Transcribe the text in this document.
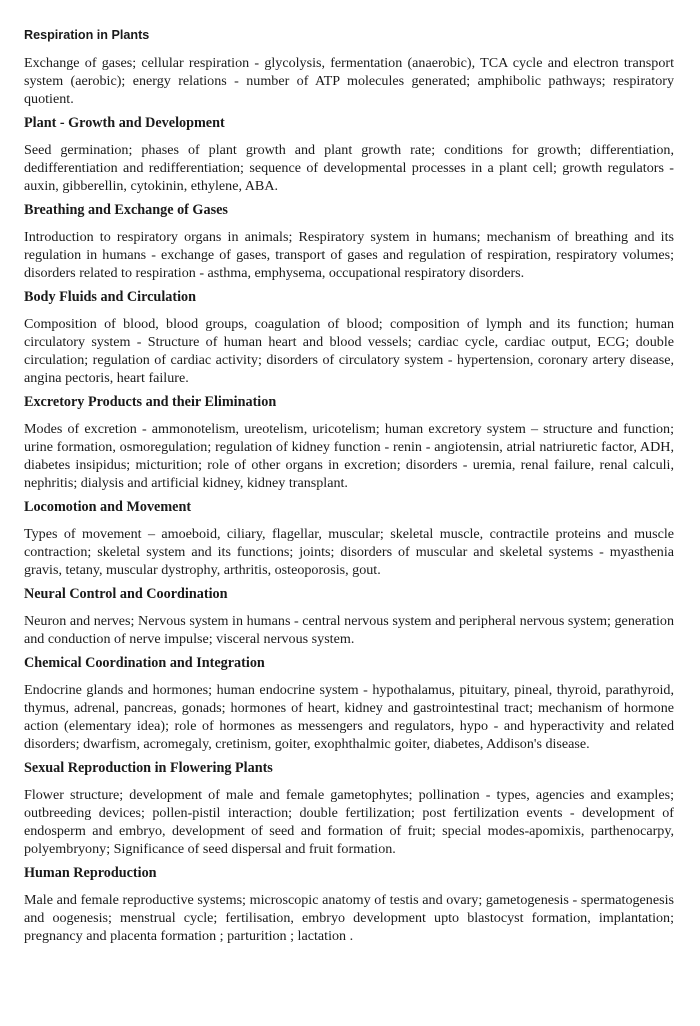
Respiration in Plants

Exchange of gases; cellular respiration - glycolysis, fermentation (anaerobic), TCA cycle and electron transport system (aerobic); energy relations - number of ATP molecules generated; amphibolic pathways; respiratory quotient.

Plant - Growth and Development

Seed germination; phases of plant growth and plant growth rate; conditions for growth; differentiation, dedifferentiation and redifferentiation; sequence of developmental processes in a plant cell; growth regulators - auxin, gibberellin, cytokinin, ethylene, ABA.

Breathing and Exchange of Gases

Introduction to respiratory organs in animals; Respiratory system in humans; mechanism of breathing and its regulation in humans - exchange of gases, transport of gases and regulation of respiration, respiratory volumes; disorders related to respiration - asthma, emphysema, occupational respiratory disorders.

Body Fluids and Circulation

Composition of blood, blood groups, coagulation of blood; composition of lymph and its function; human circulatory system - Structure of human heart and blood vessels; cardiac cycle, cardiac output, ECG; double circulation; regulation of cardiac activity; disorders of circulatory system - hypertension, coronary artery disease, angina pectoris, heart failure.

Excretory Products and their Elimination

Modes of excretion - ammonotelism, ureotelism, uricotelism; human excretory system – structure and function; urine formation, osmoregulation; regulation of kidney function - renin - angiotensin, atrial natriuretic factor, ADH, diabetes insipidus; micturition; role of other organs in excretion; disorders - uremia, renal failure, renal calculi, nephritis; dialysis and artificial kidney, kidney transplant.

Locomotion and Movement

Types of movement – amoeboid, ciliary, flagellar, muscular; skeletal muscle, contractile proteins and muscle contraction; skeletal system and its functions; joints; disorders of muscular and skeletal systems - myasthenia gravis, tetany, muscular dystrophy, arthritis, osteoporosis, gout.

Neural Control and Coordination

Neuron and nerves; Nervous system in humans - central nervous system and peripheral nervous system; generation and conduction of nerve impulse; visceral nervous system.

Chemical Coordination and Integration

Endocrine glands and hormones; human endocrine system - hypothalamus, pituitary, pineal, thyroid, parathyroid, thymus, adrenal, pancreas, gonads; hormones of heart, kidney and gastrointestinal tract; mechanism of hormone action (elementary idea); role of hormones as messengers and regulators, hypo - and hyperactivity and related disorders; dwarfism, acromegaly, cretinism, goiter, exophthalmic goiter, diabetes, Addison's disease.

Sexual Reproduction in Flowering Plants

Flower structure; development of male and female gametophytes; pollination - types, agencies and examples; outbreeding devices; pollen-pistil interaction; double fertilization; post fertilization events - development of endosperm and embryo, development of seed and formation of fruit; special modes-apomixis, parthenocarpy, polyembryony; Significance of seed dispersal and fruit formation.

Human Reproduction

Male and female reproductive systems; microscopic anatomy of testis and ovary; gametogenesis - spermatogenesis and oogenesis; menstrual cycle; fertilisation, embryo development upto blastocyst formation, implantation; pregnancy and placenta formation ; parturition ; lactation .
